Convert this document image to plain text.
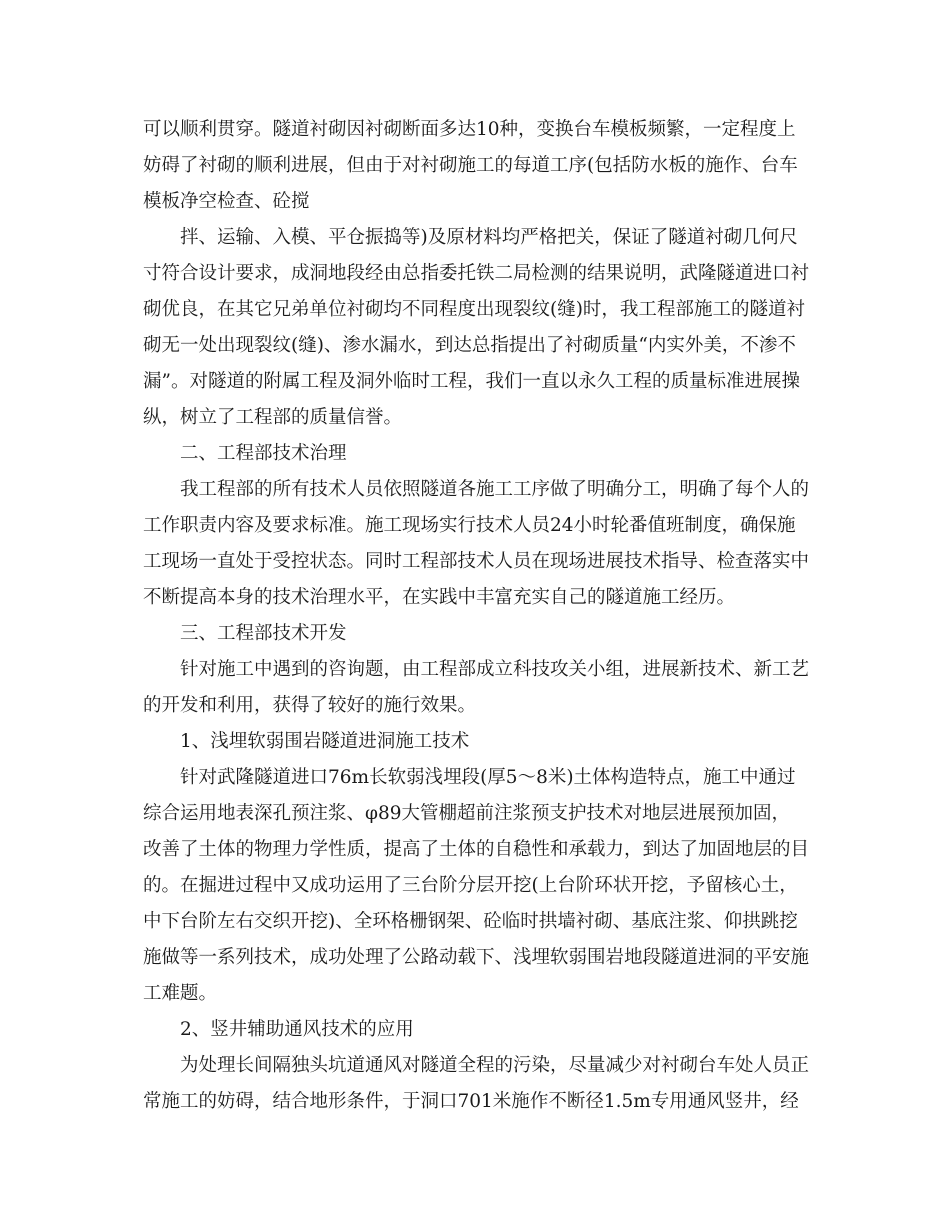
可以顺利贯穿。隧道衬砌因衬砌断面多达10种，变换台车模板频繁，一定程度上
妨碍了衬砌的顺利进展，但由于对衬砌施工的每道工序(包括防水板的施作、台车
模板净空检查、砼搅
拌、运输、入模、平仓振捣等)及原材料均严格把关，保证了隧道衬砌几何尺
寸符合设计要求，成洞地段经由总指委托铁二局检测的结果说明，武隆隧道进口衬
砌优良，在其它兄弟单位衬砌均不同程度出现裂纹(缝)时，我工程部施工的隧道衬
砌无一处出现裂纹(缝)、渗水漏水，到达总指提出了衬砌质量“内实外美，不渗不
漏”。对隧道的附属工程及洞外临时工程，我们一直以永久工程的质量标准进展操
纵，树立了工程部的质量信誉。
二、工程部技术治理
我工程部的所有技术人员依照隧道各施工工序做了明确分工，明确了每个人的
工作职责内容及要求标准。施工现场实行技术人员24小时轮番值班制度，确保施
工现场一直处于受控状态。同时工程部技术人员在现场进展技术指导、检查落实中
不断提高本身的技术治理水平，在实践中丰富充实自己的隧道施工经历。
三、工程部技术开发
针对施工中遇到的咨询题，由工程部成立科技攻关小组，进展新技术、新工艺
的开发和利用，获得了较好的施行效果。
1、浅埋软弱围岩隧道进洞施工技术
针对武隆隧道进口76m长软弱浅埋段(厚5～8米)土体构造特点，施工中通过
综合运用地表深孔预注浆、φ89大管棚超前注浆预支护技术对地层进展预加固，
改善了土体的物理力学性质，提高了土体的自稳性和承载力，到达了加固地层的目
的。在掘进过程中又成功运用了三台阶分层开挖(上台阶环状开挖，予留核心土，
中下台阶左右交织开挖)、全环格栅钢架、砼临时拱墙衬砌、基底注浆、仰拱跳挖
施做等一系列技术，成功处理了公路动载下、浅埋软弱围岩地段隧道进洞的平安施
工难题。
2、竖井辅助通风技术的应用
为处理长间隔独头坑道通风对隧道全程的污染，尽量减少对衬砌台车处人员正
常施工的妨碍，结合地形条件，于洞口701米施作不断径1.5m专用通风竖井，经
